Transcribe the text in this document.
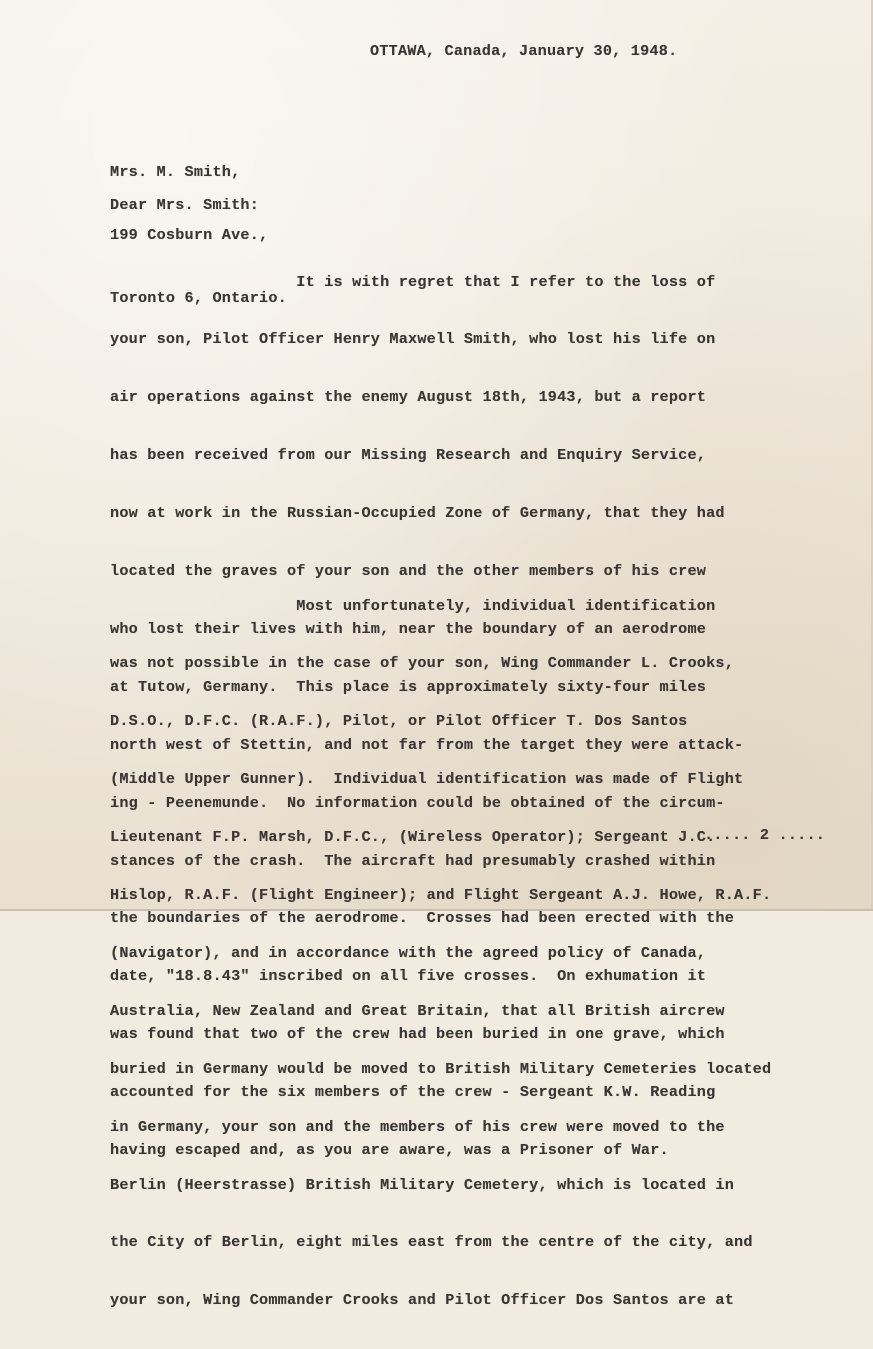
OTTAWA, Canada, January 30, 1948.

Mrs. M. Smith,

199 Cosburn Ave.,

Toronto 6, Ontario.

Dear Mrs. Smith:

It is with regret that I refer to the loss of

your son, Pilot Officer Henry Maxwell Smith, who lost his life on

air operations against the enemy August 18th, 1943, but a report

has been received from our Missing Research and Enquiry Service,

now at work in the Russian-Occupied Zone of Germany, that they had

located the graves of your son and the other members of his crew

who lost their lives with him, near the boundary of an aerodrome

at Tutow, Germany.  This place is approximately sixty-four miles

north west of Stettin, and not far from the target they were attack-

ing - Peenemunde.  No information could be obtained of the circum-

stances of the crash.  The aircraft had presumably crashed within

the boundaries of the aerodrome.  Crosses had been erected with the

date, "18.8.43" inscribed on all five crosses.  On exhumation it

was found that two of the crew had been buried in one grave, which

accounted for the six members of the crew - Sergeant K.W. Reading

having escaped and, as you are aware, was a Prisoner of War.

Most unfortunately, individual identification

was not possible in the case of your son, Wing Commander L. Crooks,

D.S.O., D.F.C. (R.A.F.), Pilot, or Pilot Officer T. Dos Santos

(Middle Upper Gunner).  Individual identification was made of Flight

Lieutenant F.P. Marsh, D.F.C., (Wireless Operator); Sergeant J.C.

Hislop, R.A.F. (Flight Engineer); and Flight Sergeant A.J. Howe, R.A.F.

(Navigator), and in accordance with the agreed policy of Canada,

Australia, New Zealand and Great Britain, that all British aircrew

buried in Germany would be moved to British Military Cemeteries located

in Germany, your son and the members of his crew were moved to the

Berlin (Heerstrasse) British Military Cemetery, which is located in

the City of Berlin, eight miles east from the centre of the city, and

your son, Wing Commander Crooks and Pilot Officer Dos Santos are at

..... 2 .....
